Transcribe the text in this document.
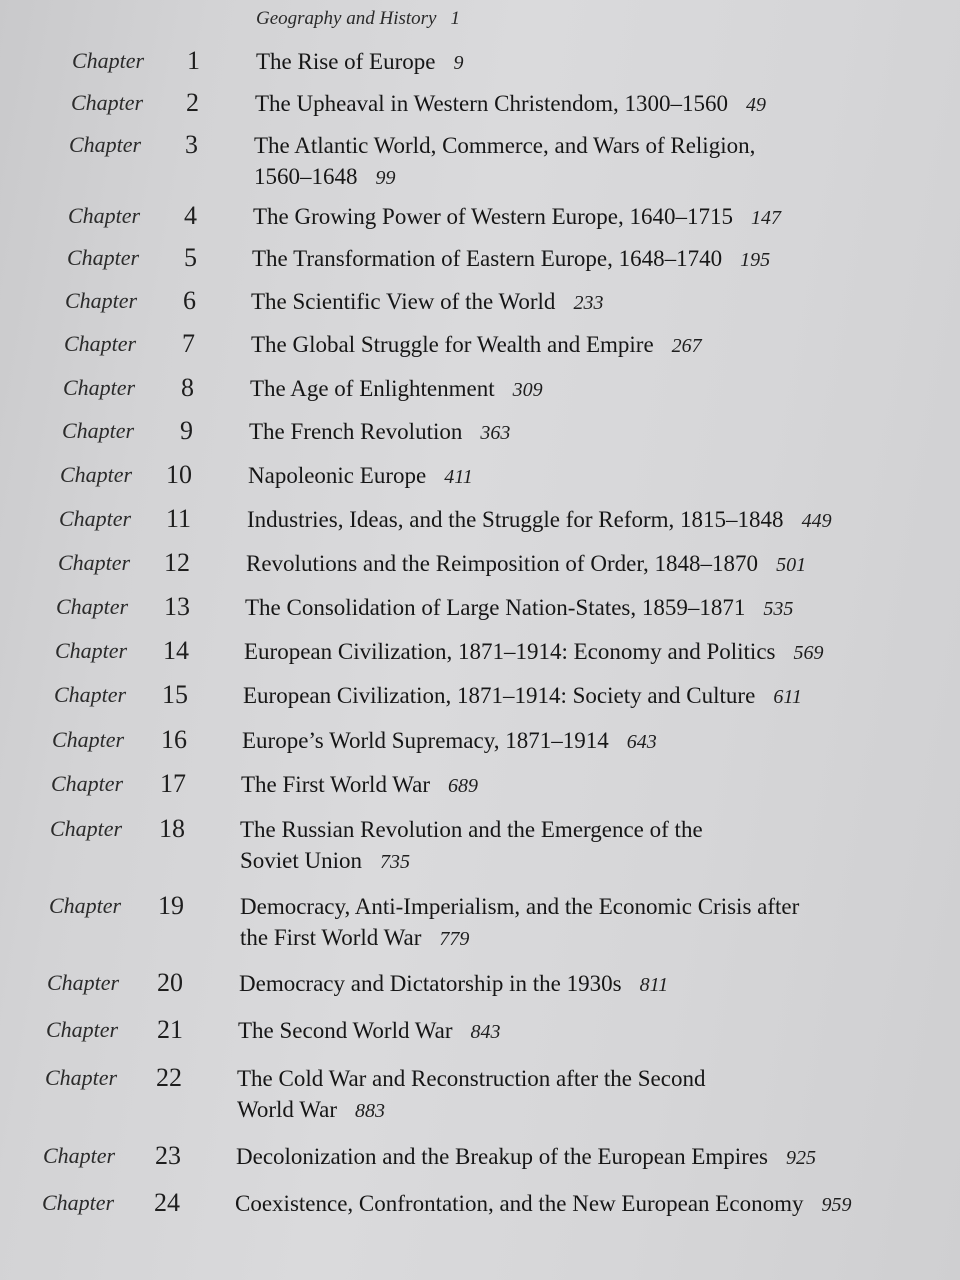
Geography and History 1
Chapter	1 The Rise of Europe 9
Chapter	2 The Upheaval in Western Christendom, 1300–1560 49
Chapter	3 The Atlantic World, Commerce, and Wars of Religion,
1560–1648 99
Chapter	4 The Growing Power of Western Europe, 1640–1715 147
Chapter	5 The Transformation of Eastern Europe, 1648–1740 195
Chapter	6 The Scientific View of the World 233
Chapter	7 The Global Struggle for Wealth and Empire 267
Chapter	8 The Age of Enlightenment 309
Chapter	9 The French Revolution 363
Chapter	10 Napoleonic Europe 411
Chapter	11 Industries, Ideas, and the Struggle for Reform, 1815–1848 449
Chapter	12 Revolutions and the Reimposition of Order, 1848–1870 501
Chapter	13 The Consolidation of Large Nation-States, 1859–1871 535
Chapter	14 European Civilization, 1871–1914: Economy and Politics 569
Chapter	15 European Civilization, 1871–1914: Society and Culture 611
Chapter	16 Europe’s World Supremacy, 1871–1914 643
Chapter	17 The First World War 689
Chapter	18 The Russian Revolution and the Emergence of the
Soviet Union 735
Chapter	19 Democracy, Anti-Imperialism, and the Economic Crisis after
the First World War 779
Chapter	20 Democracy and Dictatorship in the 1930s 811
Chapter	21 The Second World War 843
Chapter	22 The Cold War and Reconstruction after the Second
World War 883
Chapter	23 Decolonization and the Breakup of the European Empires 925
Chapter	24 Coexistence, Confrontation, and the New European Economy 959
